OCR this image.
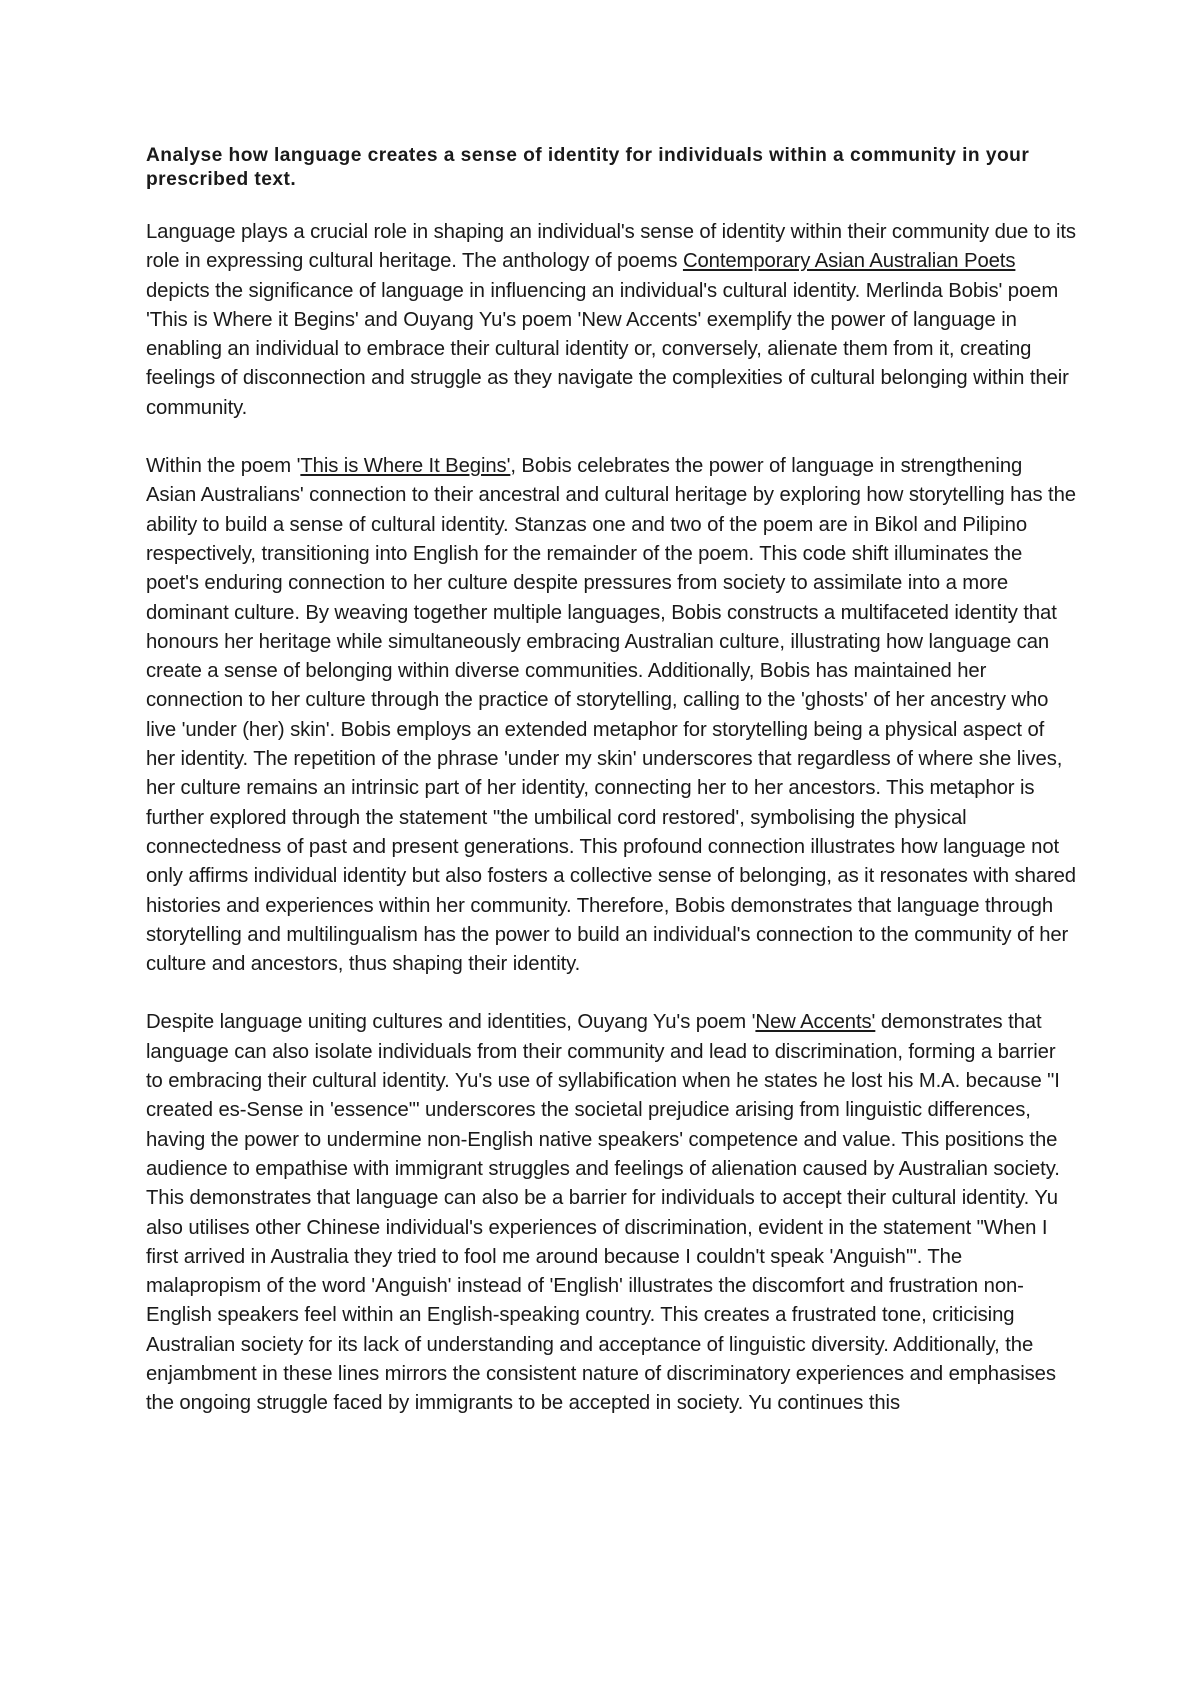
Analyse how language creates a sense of identity for individuals within a community in your prescribed text.

Language plays a crucial role in shaping an individual's sense of identity within their community due to its role in expressing cultural heritage. The anthology of poems Contemporary Asian Australian Poets depicts the significance of language in influencing an individual's cultural identity. Merlinda Bobis' poem 'This is Where it Begins' and Ouyang Yu's poem 'New Accents' exemplify the power of language in enabling an individual to embrace their cultural identity or, conversely, alienate them from it, creating feelings of disconnection and struggle as they navigate the complexities of cultural belonging within their community.

Within the poem 'This is Where It Begins', Bobis celebrates the power of language in strengthening Asian Australians' connection to their ancestral and cultural heritage by exploring how storytelling has the ability to build a sense of cultural identity. Stanzas one and two of the poem are in Bikol and Pilipino respectively, transitioning into English for the remainder of the poem. This code shift illuminates the poet's enduring connection to her culture despite pressures from society to assimilate into a more dominant culture. By weaving together multiple languages, Bobis constructs a multifaceted identity that honours her heritage while simultaneously embracing Australian culture, illustrating how language can create a sense of belonging within diverse communities. Additionally, Bobis has maintained her connection to her culture through the practice of storytelling, calling to the 'ghosts' of her ancestry who live 'under (her) skin'. Bobis employs an extended metaphor for storytelling being a physical aspect of her identity. The repetition of the phrase 'under my skin' underscores that regardless of where she lives, her culture remains an intrinsic part of her identity, connecting her to her ancestors. This metaphor is further explored through the statement ''the umbilical cord restored', symbolising the physical connectedness of past and present generations. This profound connection illustrates how language not only affirms individual identity but also fosters a collective sense of belonging, as it resonates with shared histories and experiences within her community. Therefore, Bobis demonstrates that language through storytelling and multilingualism has the power to build an individual's connection to the community of her culture and ancestors, thus shaping their identity.

Despite language uniting cultures and identities, Ouyang Yu's poem 'New Accents' demonstrates that language can also isolate individuals from their community and lead to discrimination, forming a barrier to embracing their cultural identity. Yu's use of syllabification when he states he lost his M.A. because "I created es-Sense in 'essence'" underscores the societal prejudice arising from linguistic differences, having the power to undermine non-English native speakers' competence and value. This positions the audience to empathise with immigrant struggles and feelings of alienation caused by Australian society. This demonstrates that language can also be a barrier for individuals to accept their cultural identity. Yu also utilises other Chinese individual's experiences of discrimination, evident in the statement "When I first arrived in Australia they tried to fool me around because I couldn't speak 'Anguish'". The malapropism of the word 'Anguish' instead of 'English' illustrates the discomfort and frustration non-English speakers feel within an English-speaking country. This creates a frustrated tone, criticising Australian society for its lack of understanding and acceptance of linguistic diversity. Additionally, the enjambment in these lines mirrors the consistent nature of discriminatory experiences and emphasises the ongoing struggle faced by immigrants to be accepted in society. Yu continues this
